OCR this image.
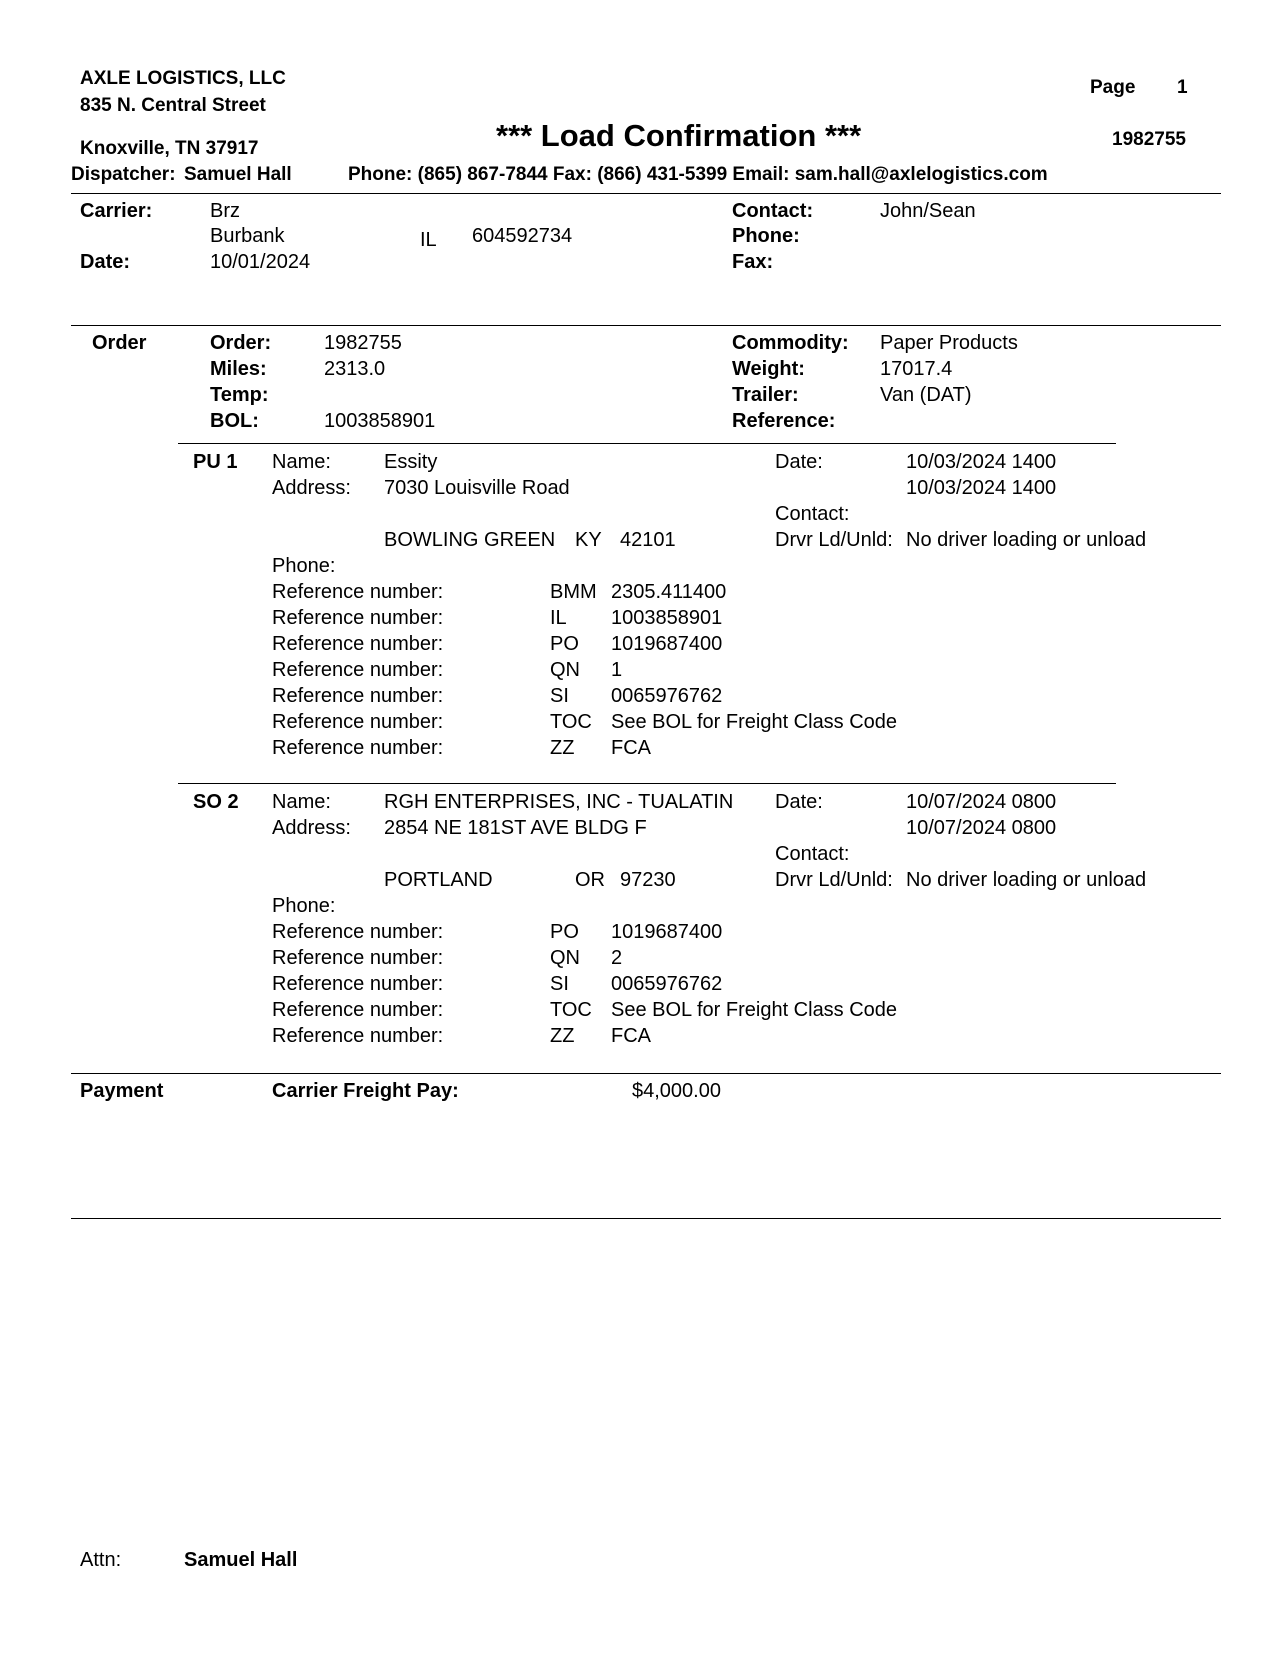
AXLE LOGISTICS, LLC
835 N. Central Street
Knoxville, TN 37917
Page 1
*** Load Confirmation ***	1982755
Dispatcher: Samuel Hall	Phone: (865) 867-7844 Fax: (866) 431-5399 Email: sam.hall@axlelogistics.com
Carrier:	Brz
Burbank	IL 604592734
Date:	10/01/2024
Contact:	John/Sean
Phone:
Fax:
Order	Order:	1982755
Miles:	2313.0
Temp:
BOL:	1003858901
Commodity: Paper Products
Weight:	17017.4
Trailer:	Van (DAT)
Reference:
PU 1 Name:	Essity
Address: 7030 Louisville Road
BOWLING GREEN KY 42101
Phone:
Date:	10/03/2024 1400
10/03/2024 1400
Contact:
Drvr Ld/Unld: No driver loading or unload
Reference number:	BMM 2305.411400
Reference number:	IL 1003858901
Reference number:	PO 1019687400
Reference number:	QN 1
Reference number:	SI 0065976762
Reference number:	TOC See BOL for Freight Class Code
Reference number:	ZZ FCA
SO 2 Name:	RGH ENTERPRISES, INC - TUALATIN
Address: 2854 NE 181ST AVE BLDG F
PORTLAND	OR 97230
Phone:
Date:	10/07/2024 0800
10/07/2024 0800
Contact:
Drvr Ld/Unld: No driver loading or unload
Reference number:	PO 1019687400
Reference number:	QN 2
Reference number:	SI 0065976762
Reference number:	TOC See BOL for Freight Class Code
Reference number:	ZZ FCA
Payment	Carrier Freight Pay:	$4,000.00
Attn:	Samuel Hall
